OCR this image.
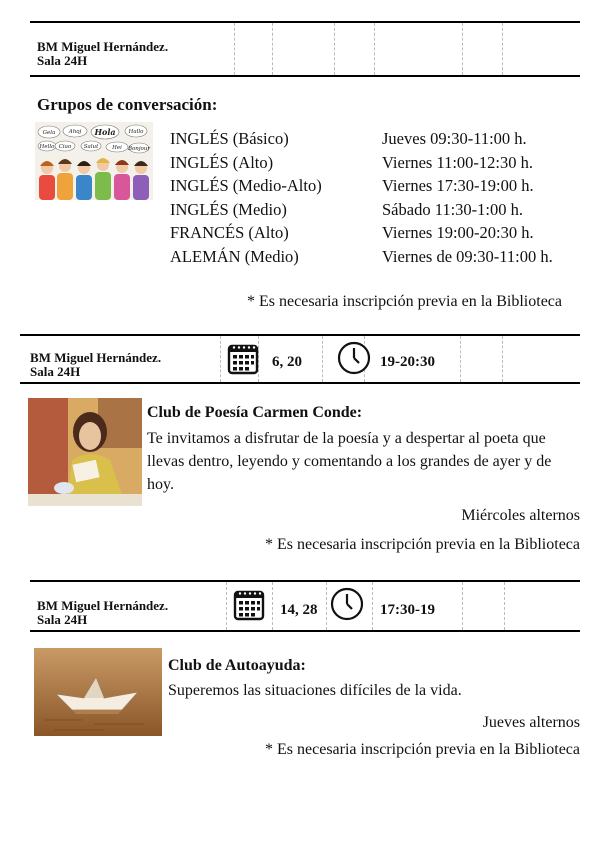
BM Miguel Hernández.
Sala 24H
Grupos de conversación:
Gela Ahoj Hola Hallo
Hello Ciao Salut	Hei Bonjour
INGLÉS (Básico)	Jueves 09:30-11:00 h.
INGLÉS (Alto)	Viernes 11:00-12:30 h.
INGLÉS (Medio-Alto)	Viernes 17:30-19:00 h.
INGLÉS (Medio)	Sábado 11:30-1:00 h.
FRANCÉS (Alto)	Viernes 19:00-20:30 h.
ALEMÁN (Medio)	Viernes de 09:30-11:00 h.
* Es necesaria inscripción previa en la Biblioteca
BM Miguel Hernández.
Sala 24H
6, 20	19-20:30
Club de Poesía Carmen Conde:
Te invitamos a disfrutar de la poesía y a despertar al poeta que llevas dentro, leyendo y comentando a los grandes de ayer y de hoy.
Miércoles alternos
* Es necesaria inscripción previa en la Biblioteca
BM Miguel Hernández.
Sala 24H
14, 28	17:30-19
Club de Autoayuda:
Superemos las situaciones difíciles de la vida.
Jueves alternos
* Es necesaria inscripción previa en la Biblioteca
